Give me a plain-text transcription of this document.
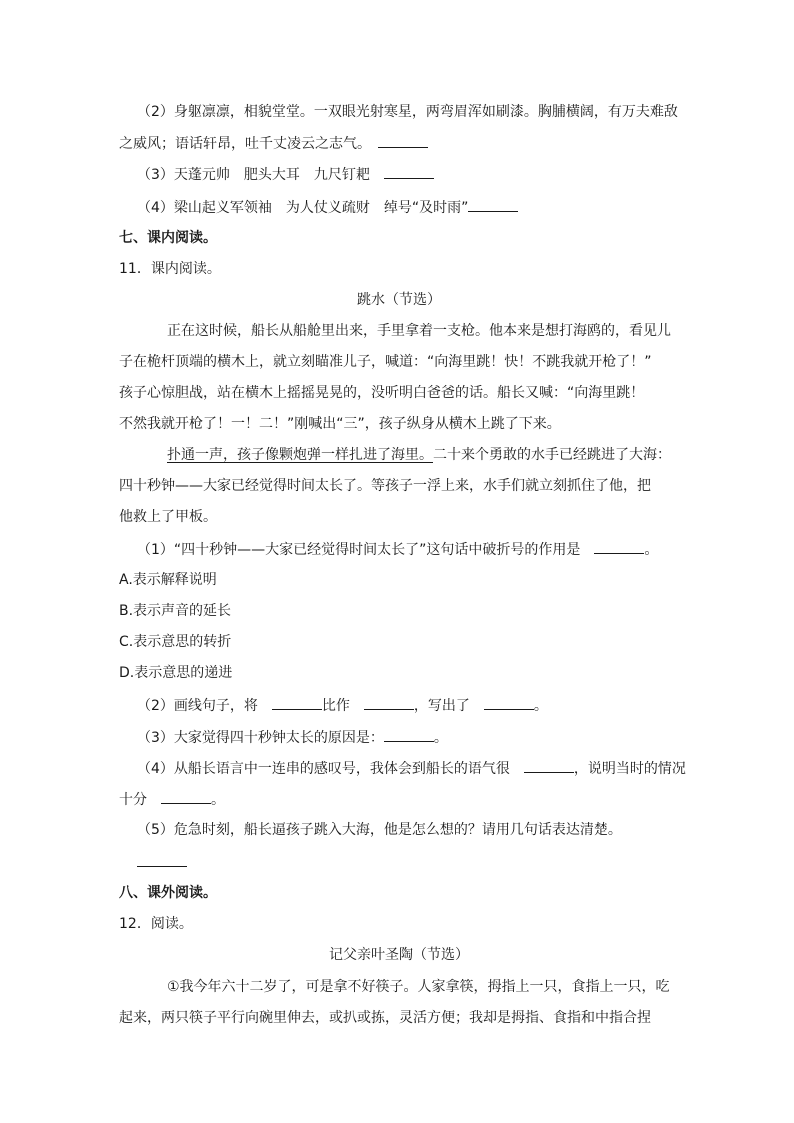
（2）身躯凛凛，相貌堂堂。一双眼光射寒星，两弯眉浑如刷漆。胸脯横阔，有万夫难敌
之威风；语话轩昂，吐千丈凌云之志气。　
（3）天蓬元帅　肥头大耳　九尺钉耙　
（4）梁山起义军领袖　为人仗义疏财　绰号“及时雨”
七、课内阅读。
11．课内阅读。
跳水（节选）
正在这时候，船长从船舱里出来，手里拿着一支枪。他本来是想打海鸥的，看见儿
子在桅杆顶端的横木上，就立刻瞄准儿子，喊道：“向海里跳！快！不跳我就开枪了！”
孩子心惊胆战，站在横木上摇摇晃晃的，没听明白爸爸的话。船长又喊：“向海里跳！
不然我就开枪了！一！二！”刚喊出“三”，孩子纵身从横木上跳了下来。
扑通一声，孩子像颗炮弹一样扎进了海里。二十来个勇敢的水手已经跳进了大海：
四十秒钟——大家已经觉得时间太长了。等孩子一浮上来，水手们就立刻抓住了他，把
他救上了甲板。
（1）“四十秒钟——大家已经觉得时间太长了”这句话中破折号的作用是　	。
A.表示解释说明
B.表示声音的延长
C.表示意思的转折
D.表示意思的递进
（2）画线句子，将　	比作　	，写出了　	。
（3）大家觉得四十秒钟太长的原因是：	。
（4）从船长语言中一连串的感叹号，我体会到船长的语气很　	，说明当时的情况
十分　	。
（5）危急时刻，船长逼孩子跳入大海，他是怎么想的？请用几句话表达清楚。
八、课外阅读。
12．阅读。
记父亲叶圣陶（节选）
①我今年六十二岁了，可是拿不好筷子。人家拿筷，拇指上一只，食指上一只，吃
起来，两只筷子平行向碗里伸去，或扒或拣，灵活方便；我却是拇指、食指和中指合捏
